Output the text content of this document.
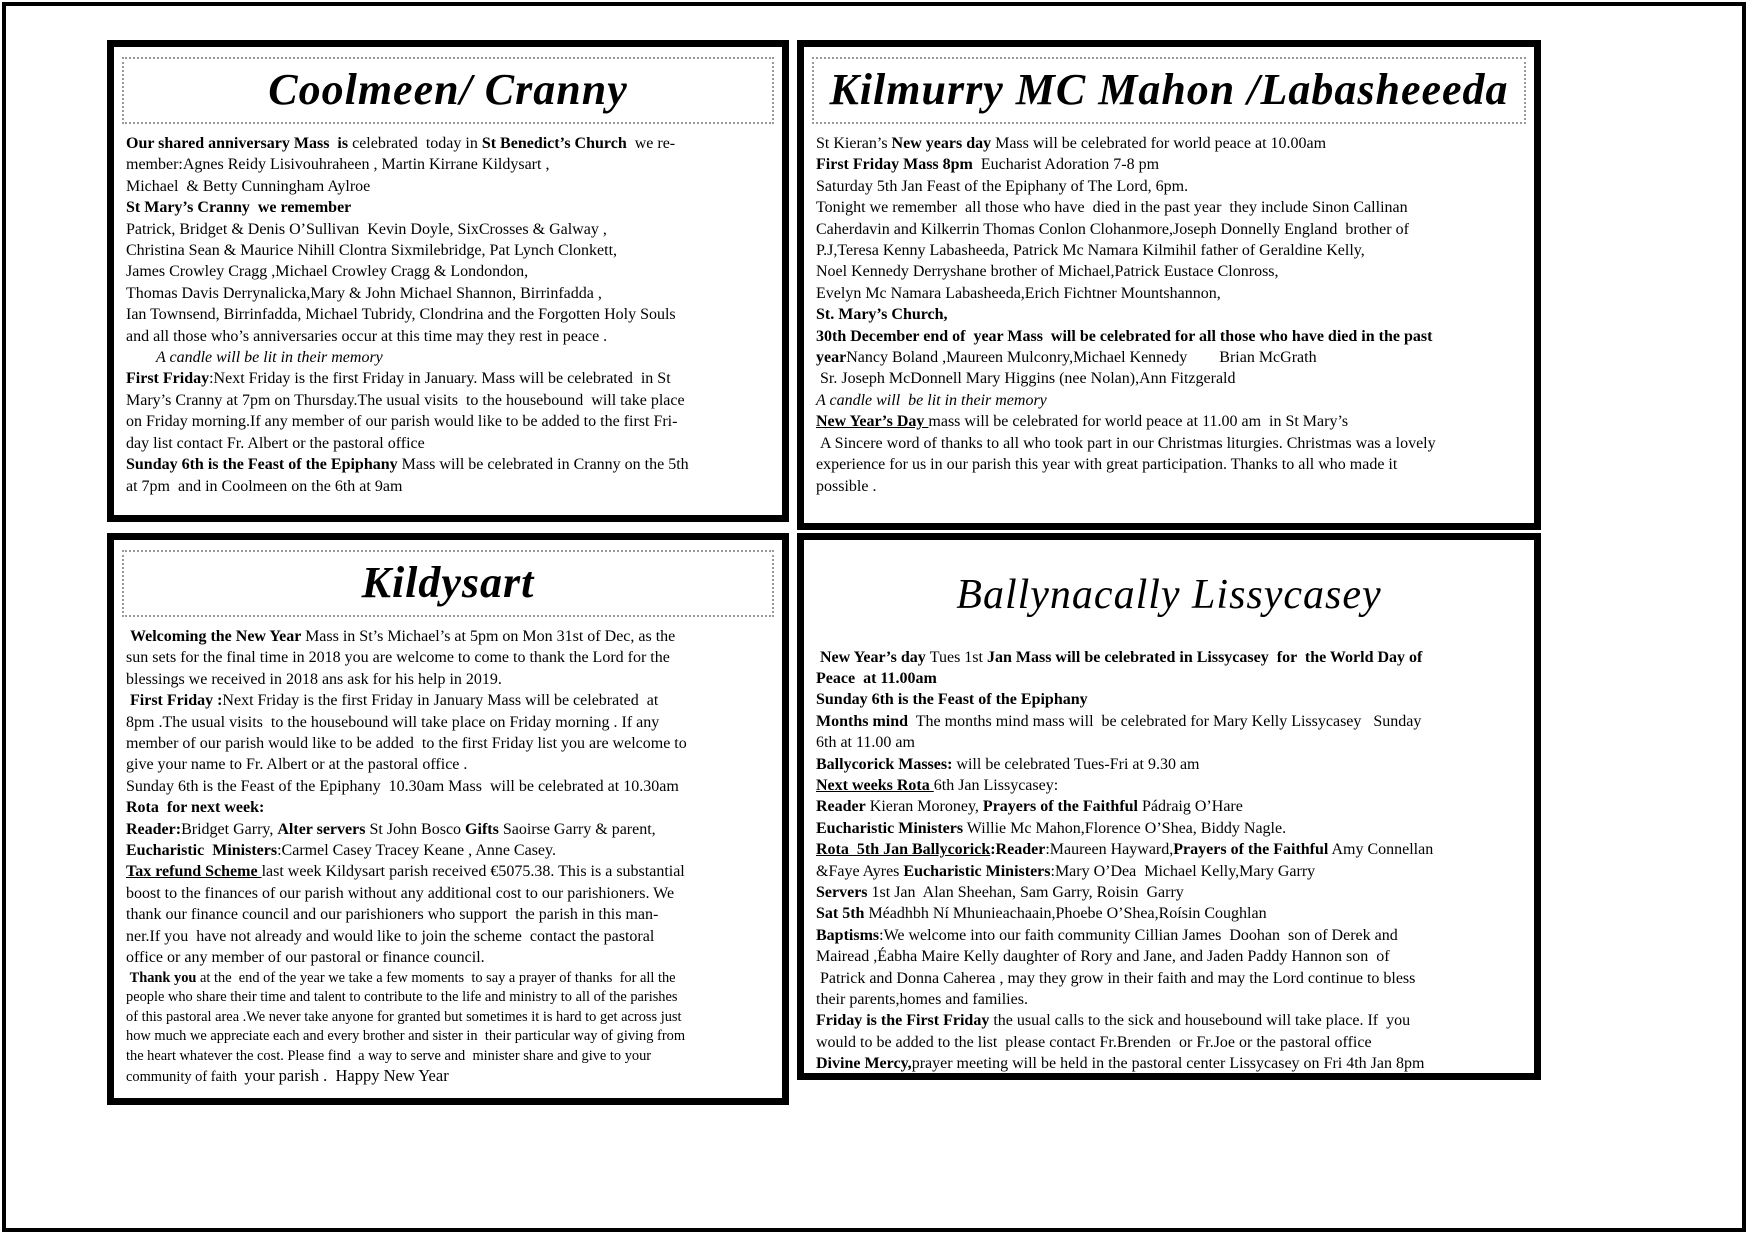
Coolmeen/ Cranny
Our shared anniversary Mass  is celebrated  today in St Benedict’s Church  we re-
member:Agnes Reidy Lisivouhraheen , Martin Kirrane Kildysart ,
Michael  & Betty Cunningham Aylroe
St Mary’s Cranny  we remember
Patrick, Bridget & Denis O’Sullivan  Kevin Doyle, SixCrosses & Galway ,
Christina Sean & Maurice Nihill Clontra Sixmilebridge, Pat Lynch Clonkett,
James Crowley Cragg ,Michael Crowley Cragg & Londondon,
Thomas Davis Derrynalicka,Mary & John Michael Shannon, Birrinfadda ,
Ian Townsend, Birrinfadda, Michael Tubridy, Clondrina and the Forgotten Holy Souls
and all those who’s anniversaries occur at this time may they rest in peace .
A candle will be lit in their memory
First Friday:Next Friday is the first Friday in January. Mass will be celebrated  in St
Mary’s Cranny at 7pm on Thursday.The usual visits  to the housebound  will take place
on Friday morning.If any member of our parish would like to be added to the first Fri-
day list contact Fr. Albert or the pastoral office
Sunday 6th is the Feast of the Epiphany Mass will be celebrated in Cranny on the 5th
at 7pm  and in Coolmeen on the 6th at 9am
Kilmurry MC Mahon /Labasheeeda
St Kieran’s New years day Mass will be celebrated for world peace at 10.00am
First Friday Mass 8pm  Eucharist Adoration 7-8 pm
Saturday 5th Jan Feast of the Epiphany of The Lord, 6pm.
Tonight we remember  all those who have  died in the past year  they include Sinon Callinan
Caherdavin and Kilkerrin Thomas Conlon Clohanmore,Joseph Donnelly England  brother of
P.J,Teresa Kenny Labasheeda, Patrick Mc Namara Kilmihil father of Geraldine Kelly,
Noel Kennedy Derryshane brother of Michael,Patrick Eustace Clonross,
Evelyn Mc Namara Labasheeda,Erich Fichtner Mountshannon,
St. Mary’s Church,
30th December end of  year Mass  will be celebrated for all those who have died in the past
yearNancy Boland ,Maureen Mulconry,Michael Kennedy        Brian McGrath
Sr. Joseph McDonnell Mary Higgins (nee Nolan),Ann Fitzgerald
A candle will  be lit in their memory
New Year’s Day mass will be celebrated for world peace at 11.00 am  in St Mary’s
A Sincere word of thanks to all who took part in our Christmas liturgies. Christmas was a lovely
experience for us in our parish this year with great participation. Thanks to all who made it
possible .
Kildysart
Welcoming the New Year Mass in St’s Michael’s at 5pm on Mon 31st of Dec, as the
sun sets for the final time in 2018 you are welcome to come to thank the Lord for the
blessings we received in 2018 ans ask for his help in 2019.
First Friday :Next Friday is the first Friday in January Mass will be celebrated  at
8pm .The usual visits  to the housebound will take place on Friday morning . If any
member of our parish would like to be added  to the first Friday list you are welcome to
give your name to Fr. Albert or at the pastoral office .
Sunday 6th is the Feast of the Epiphany  10.30am Mass  will be celebrated at 10.30am
Rota  for next week:
Reader:Bridget Garry, Alter servers St John Bosco Gifts Saoirse Garry & parent,
Eucharistic  Ministers:Carmel Casey Tracey Keane , Anne Casey.
Tax refund Scheme last week Kildysart parish received €5075.38. This is a substantial
boost to the finances of our parish without any additional cost to our parishioners. We
thank our finance council and our parishioners who support  the parish in this man-
ner.If you  have not already and would like to join the scheme  contact the pastoral
office or any member of our pastoral or finance council.
Thank you at the  end of the year we take a few moments  to say a prayer of thanks  for all the
people who share their time and talent to contribute to the life and ministry to all of the parishes
of this pastoral area .We never take anyone for granted but sometimes it is hard to get across just
how much we appreciate each and every brother and sister in  their particular way of giving from
the heart whatever the cost. Please find  a way to serve and  minister share and give to your
community of faith  your parish .  Happy New Year
Ballynacally Lissycasey
New Year’s day Tues 1st Jan Mass will be celebrated in Lissycasey  for  the World Day of
Peace  at 11.00am
Sunday 6th is the Feast of the Epiphany
Months mind  The months mind mass will  be celebrated for Mary Kelly Lissycasey   Sunday
6th at 11.00 am
Ballycorick Masses: will be celebrated Tues-Fri at 9.30 am
Next weeks Rota 6th Jan Lissycasey:
Reader Kieran Moroney, Prayers of the Faithful Pádraig O’Hare
Eucharistic Ministers Willie Mc Mahon,Florence O’Shea, Biddy Nagle.
Rota  5th Jan Ballycorick:Reader:Maureen Hayward,Prayers of the Faithful Amy Connellan
&Faye Ayres Eucharistic Ministers:Mary O’Dea  Michael Kelly,Mary Garry
Servers 1st Jan  Alan Sheehan, Sam Garry, Roisin  Garry
Sat 5th Méadhbh Ní Mhunieachaain,Phoebe O’Shea,Roísin Coughlan
Baptisms:We welcome into our faith community Cillian James  Doohan  son of Derek and
Mairead ,Éabha Maire Kelly daughter of Rory and Jane, and Jaden Paddy Hannon son  of
Patrick and Donna Caherea , may they grow in their faith and may the Lord continue to bless
their parents,homes and families.
Friday is the First Friday the usual calls to the sick and housebound will take place. If  you
would to be added to the list  please contact Fr.Brenden  or Fr.Joe or the pastoral office
Divine Mercy,prayer meeting will be held in the pastoral center Lissycasey on Fri 4th Jan 8pm
